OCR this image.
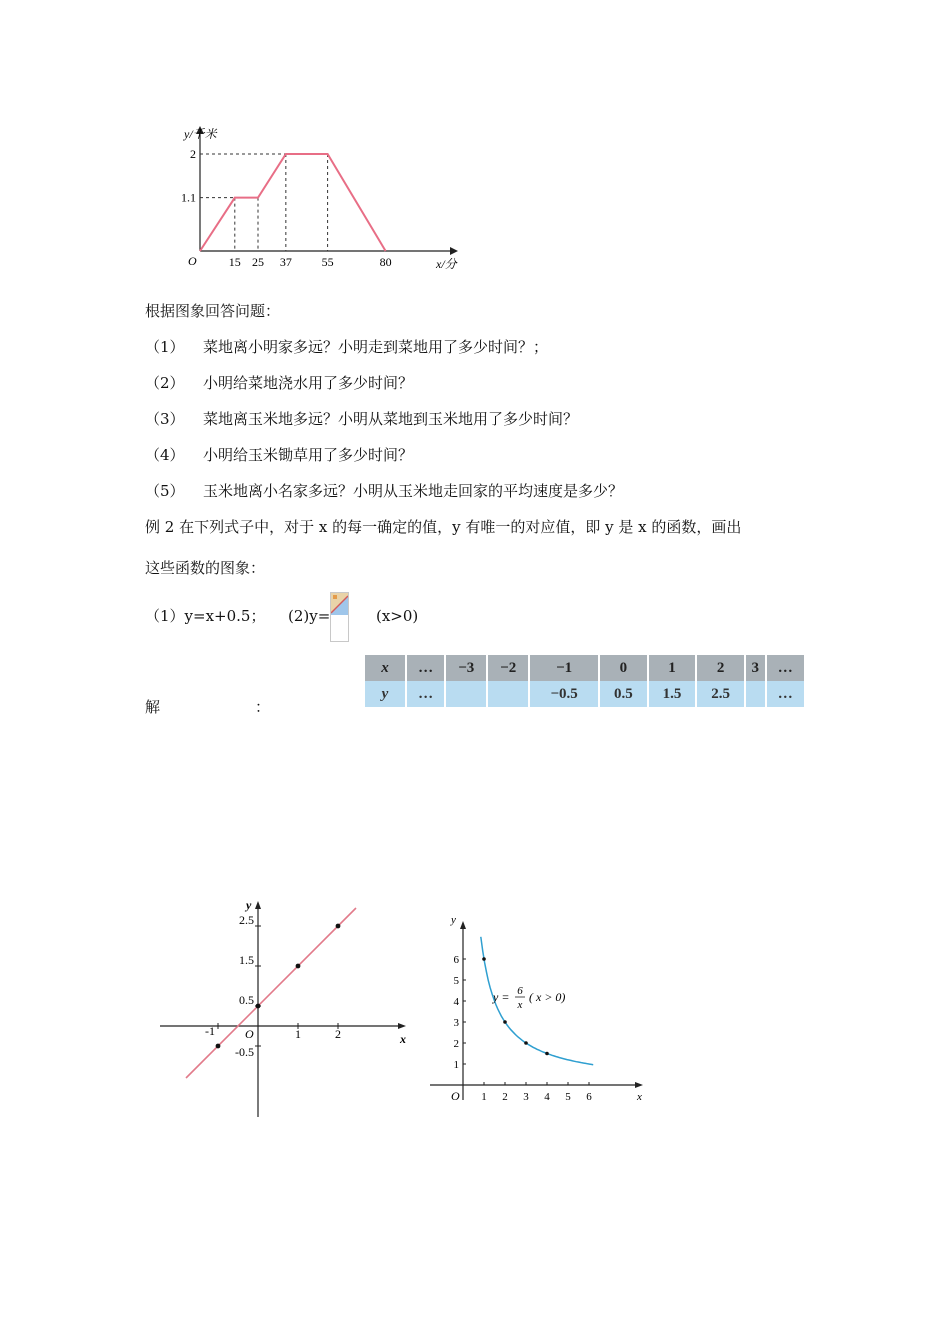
y/千米
x/分
O
1.1
2
15 25 37 55	80
根据图象回答问题：
（1） 菜地离小明家多远？小明走到菜地用了多少时间？；
（2） 小明给菜地浇水用了多少时间？
（3） 菜地离玉米地多远？小明从菜地到玉米地用了多少时间？
（4） 小明给玉米锄草用了多少时间？
（5） 玉米地离小名家多远？小明从玉米地走回家的平均速度是多少？
例 2 在下列式子中，对于 x 的每一确定的值，y 有唯一的对应值，即 y 是 x 的函数，画出
这些函数的图象：
（1）y=x+0.5； (2)y=	(x>0)
解	：
x	…	−3	−2	−1	0	1	2	3	…
y	…			−0.5	0.5	1.5	2.5		…
y
x
O
-0.5
0.5
1.5
2.5
-1	1	2
y
x
O
1
2
3
4
5
6
1 2 3 4 5 6
y = 6
x
( x > 0)
